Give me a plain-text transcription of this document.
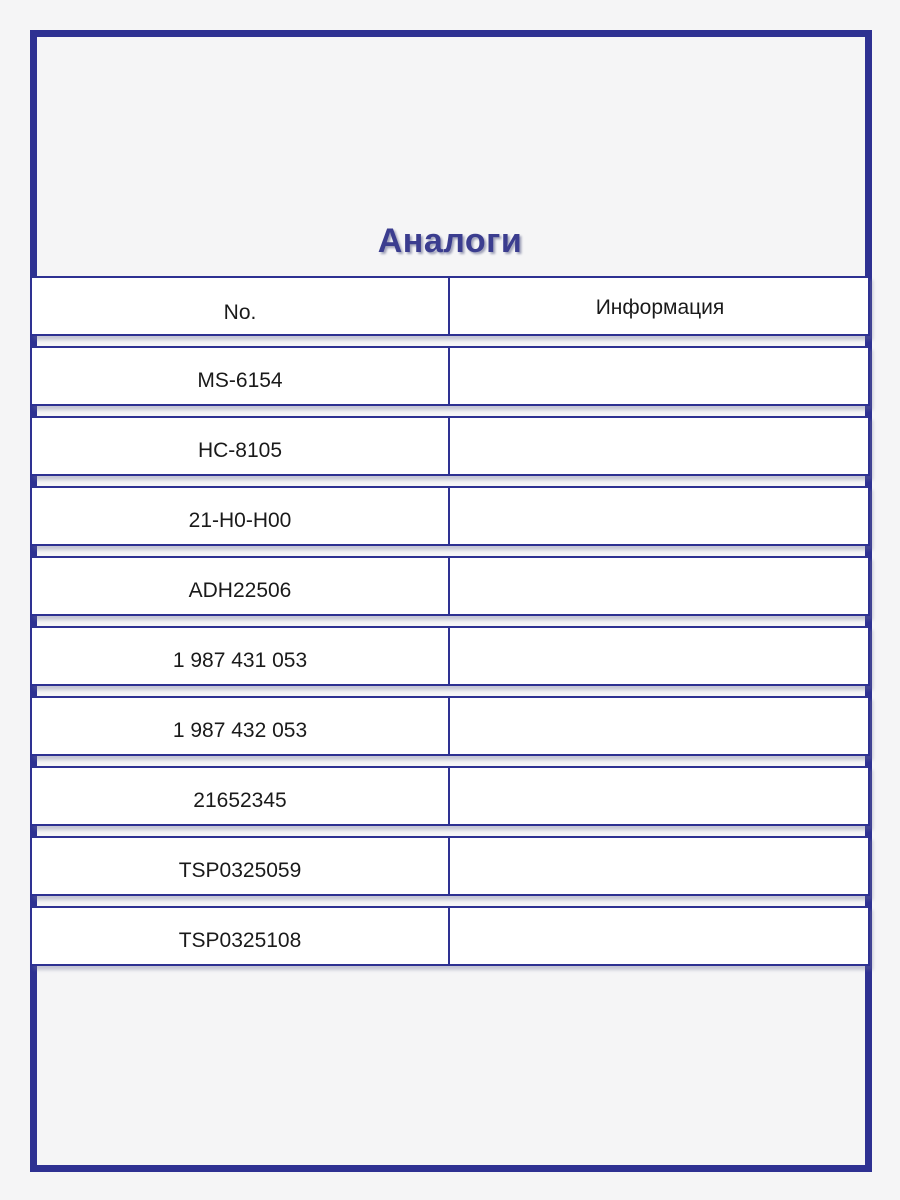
Аналоги
No.	Информация
MS-6154
HC-8105
21-H0-H00
ADH22506
1 987 431 053
1 987 432 053
21652345
TSP0325059
TSP0325108
